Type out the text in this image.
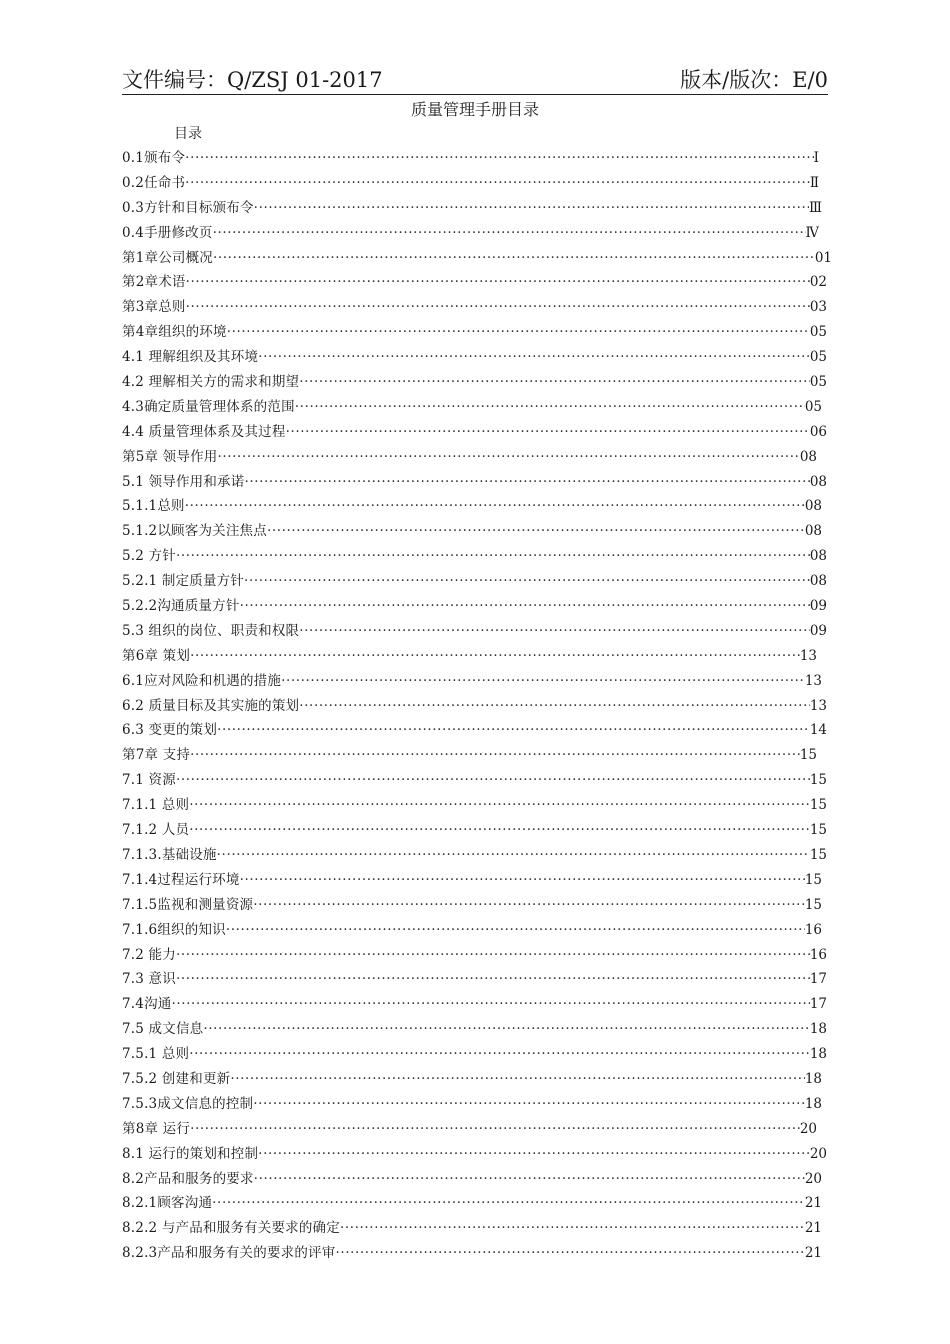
文件编号：Q/ZSJ 01-2017	版本/版次：E/0
质量管理手册目录
目录
0.1颁布令 ·····	Ⅰ
0.2任命书 ·····	Ⅱ
0.3方针和目标颁布令 ·····	Ⅲ
0.4手册修改页 ·····	Ⅳ
第1章公司概况 ·····	01
第2章术语 ·····	02
第3章总则 ·····	03
第4章组织的环境 ·····	05
4.1 理解组织及其环境 ·····	05
4.2 理解相关方的需求和期望 ·····	05
4.3确定质量管理体系的范围 ·····	05
4.4 质量管理体系及其过程 ·····	06
第5章 领导作用 ·····	08
5.1 领导作用和承诺 ·····	08
5.1.1总则 ·····	08
5.1.2以顾客为关注焦点 ·····	08
5.2 方针 ·····	08
5.2.1 制定质量方针 ·····	08
5.2.2沟通质量方针 ·····	09
5.3 组织的岗位、职责和权限 ·····	09
第6章 策划 ·····	13
6.1应对风险和机遇的措施 ·····	13
6.2 质量目标及其实施的策划 ·····	13
6.3 变更的策划 ·····	14
第7章 支持 ·····	15
7.1 资源 ·····	15
7.1.1 总则 ·····	15
7.1.2 人员 ·····	15
7.1.3.基础设施 ·····	15
7.1.4过程运行环境 ·····	15
7.1.5监视和测量资源 ·····	15
7.1.6组织的知识 ·····	16
7.2 能力 ·····	16
7.3 意识 ·····	17
7.4沟通 ·····	17
7.5 成文信息 ·····	18
7.5.1 总则 ·····	18
7.5.2 创建和更新 ·····	18
7.5.3成文信息的控制 ·····	18
第8章 运行 ·····	20
8.1 运行的策划和控制 ·····	20
8.2产品和服务的要求 ·····	20
8.2.1顾客沟通 ·····	21
8.2.2 与产品和服务有关要求的确定 ·····	21
8.2.3产品和服务有关的要求的评审 ·····	21
